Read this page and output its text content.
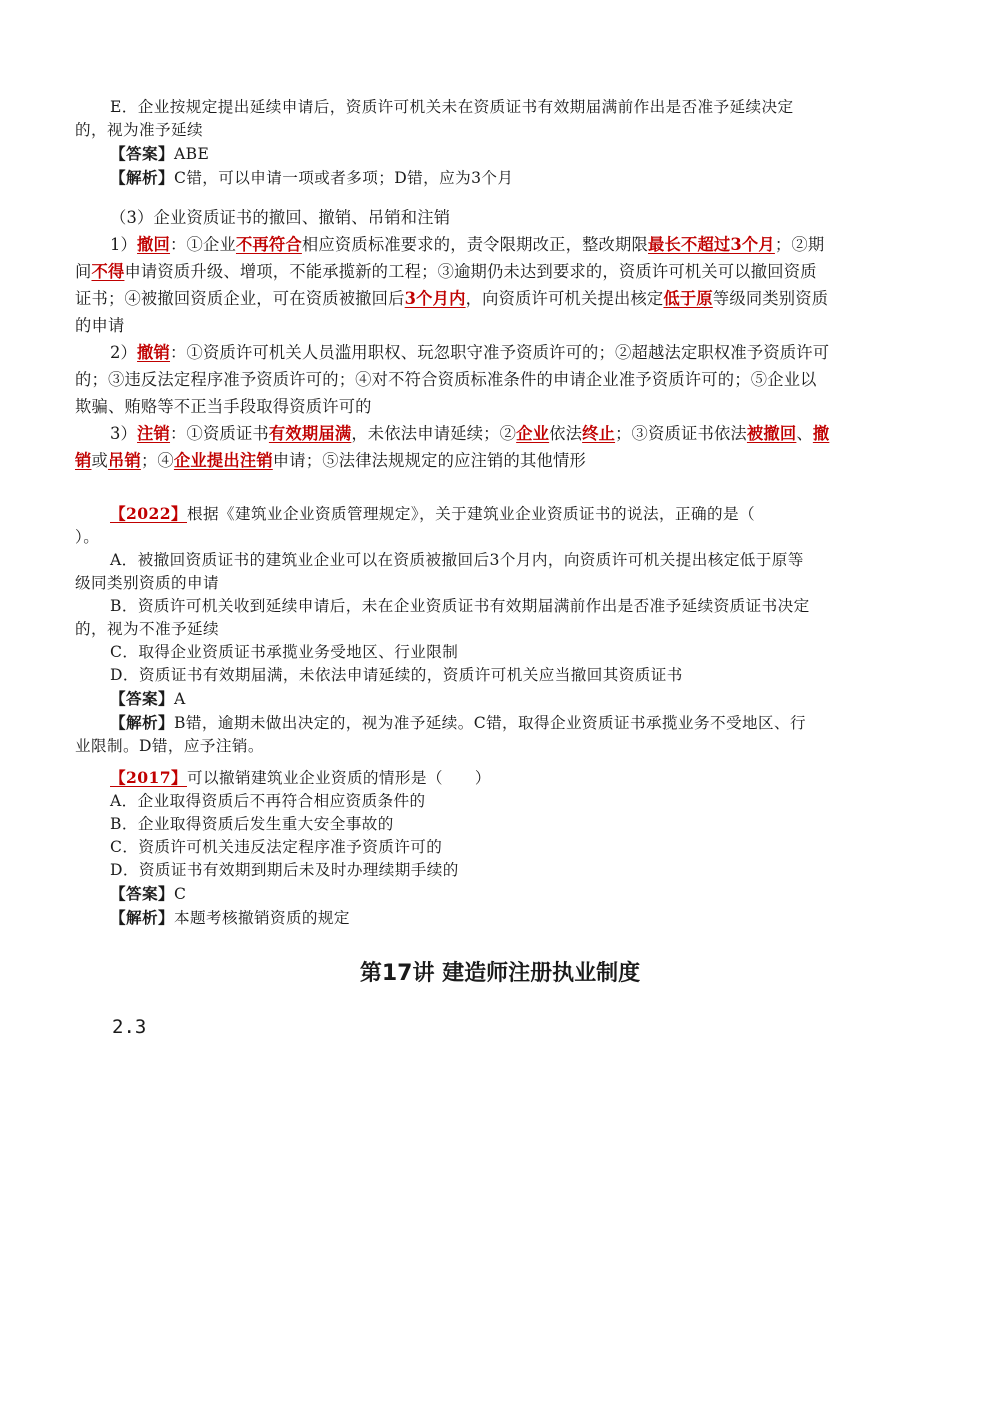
E．企业按规定提出延续申请后，资质许可机关未在资质证书有效期届满前作出是否准予延续决定
的，视为准予延续
【答案】ABE
【解析】C错，可以申请一项或者多项；D错，应为3个月
（3）企业资质证书的撤回、撤销、吊销和注销
1）撤回：①企业不再符合相应资质标准要求的，责令限期改正，整改期限最长不超过3个月；②期
间不得申请资质升级、增项，不能承揽新的工程；③逾期仍未达到要求的，资质许可机关可以撤回资质
证书；④被撤回资质企业，可在资质被撤回后3个月内，向资质许可机关提出核定低于原等级同类别资质
的申请
2）撤销：①资质许可机关人员滥用职权、玩忽职守准予资质许可的；②超越法定职权准予资质许可
的；③违反法定程序准予资质许可的；④对不符合资质标准条件的申请企业准予资质许可的；⑤企业以
欺骗、贿赂等不正当手段取得资质许可的
3）注销：①资质证书有效期届满，未依法申请延续；②企业依法终止；③资质证书依法被撤回、撤
销或吊销；④企业提出注销申请；⑤法律法规规定的应注销的其他情形
【2022】根据《建筑业企业资质管理规定》，关于建筑业企业资质证书的说法，正确的是（
）。
A．被撤回资质证书的建筑业企业可以在资质被撤回后3个月内，向资质许可机关提出核定低于原等
级同类别资质的申请
B．资质许可机关收到延续申请后，未在企业资质证书有效期届满前作出是否准予延续资质证书决定
的，视为不准予延续
C．取得企业资质证书承揽业务受地区、行业限制
D．资质证书有效期届满，未依法申请延续的，资质许可机关应当撤回其资质证书
【答案】A
【解析】B错，逾期未做出决定的，视为准予延续。C错，取得企业资质证书承揽业务不受地区、行
业限制。D错，应予注销。
【2017】可以撤销建筑业企业资质的情形是（　　）
A．企业取得资质后不再符合相应资质条件的
B．企业取得资质后发生重大安全事故的
C．资质许可机关违反法定程序准予资质许可的
D．资质证书有效期到期后未及时办理续期手续的
【答案】C
【解析】本题考核撤销资质的规定
第17讲 建造师注册执业制度
2.3
